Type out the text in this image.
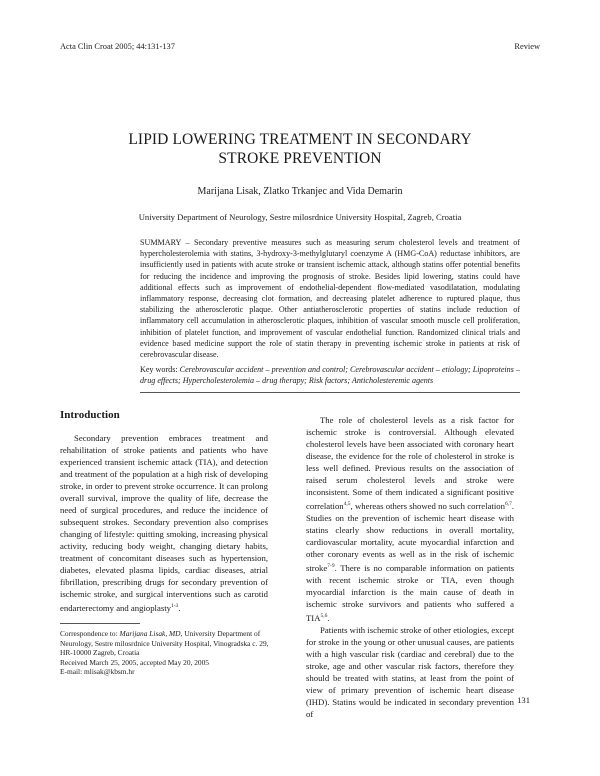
Acta Clin Croat 2005; 44:131-137	Review
LIPID LOWERING TREATMENT IN SECONDARY
STROKE PREVENTION
Marijana Lisak, Zlatko Trkanjec and Vida Demarin
University Department of Neurology, Sestre milosrdnice University Hospital, Zagreb, Croatia
SUMMARY – Secondary preventive measures such as measuring serum cholesterol levels and treatment of hypercholesterolemia with statins, 3-hydroxy-3-methylglutaryl coenzyme A (HMG-CoA) reductase inhibitors, are insufficiently used in patients with acute stroke or transient ischemic attack, although statins offer potential benefits for reducing the incidence and improving the prognosis of stroke. Besides lipid lowering, statins could have additional effects such as improvement of endothelial-dependent flow-mediated vasodilatation, modulating inflammatory response, decreasing clot formation, and decreasing platelet adherence to ruptured plaque, thus stabilizing the atherosclerotic plaque. Other antiatherosclerotic properties of statins include reduction of inflammatory cell accumulation in atherosclerotic plaques, inhibition of vascular smooth muscle cell proliferation, inhibition of platelet function, and improvement of vascular endothelial function. Randomized clinical trials and evidence based medicine support the role of statin therapy in preventing ischemic stroke in patients at risk of cerebrovascular disease.
Key words: Cerebrovascular accident – prevention and control; Cerebrovascular accident – etiology; Lipoproteins – drug effects; Hypercholesterolemia – drug therapy; Risk factors; Anticholesteremic agents
Introduction

Secondary prevention embraces treatment and rehabilitation of stroke patients and patients who have experienced transient ischemic attack (TIA), and detection and treatment of the population at a high risk of developing stroke, in order to prevent stroke occurrence. It can prolong overall survival, improve the quality of life, decrease the need of surgical procedures, and reduce the incidence of subsequent strokes. Secondary prevention also comprises changing of lifestyle: quitting smoking, increasing physical activity, reducing body weight, changing dietary habits, treatment of concomitant diseases such as hypertension, diabetes, elevated plasma lipids, cardiac diseases, atrial fibrillation, prescribing drugs for secondary prevention of ischemic stroke, and surgical interventions such as carotid endarterectomy and angioplasty$^{1-3}$.

The role of cholesterol levels as a risk factor for ischemic stroke is controversial. Although elevated cholesterol levels have been associated with coronary heart disease, the evidence for the role of cholesterol in stroke is less well defined. Previous results on the association of raised serum cholesterol levels and stroke were inconsistent. Some of them indicated a significant positive correlation$^{4,5}$, whereas others showed no such correlation$^{6,7}$. Studies on the prevention of ischemic heart disease with statins clearly show reductions in overall mortality, cardiovascular mortality, acute myocardial infarction and other coronary events as well as in the risk of ischemic stroke$^{7-9}$. There is no comparable information on patients with recent ischemic stroke or TIA, even though myocardial infarction is the main cause of death in ischemic stroke survivors and patients who suffered a TIA$^{5,6}$.

Patients with ischemic stroke of other etiologies, except for stroke in the young or other unusual causes, are patients with a high vascular risk (cardiac and cerebral) due to the stroke, age and other vascular risk factors, therefore they should be treated with statins, at least from the point of view of primary prevention of ischemic heart disease (IHD). Statins would be indicated in secondary prevention of

Correspondence to: Marijana Lisak, MD, University Department of Neurology, Sestre milosrdnice University Hospital, Vinogradska c. 29, HR-10000 Zagreb, Croatia
Received March 25, 2005, accepted May 20, 2005
E-mail: mlisak@kbsm.hr
131
